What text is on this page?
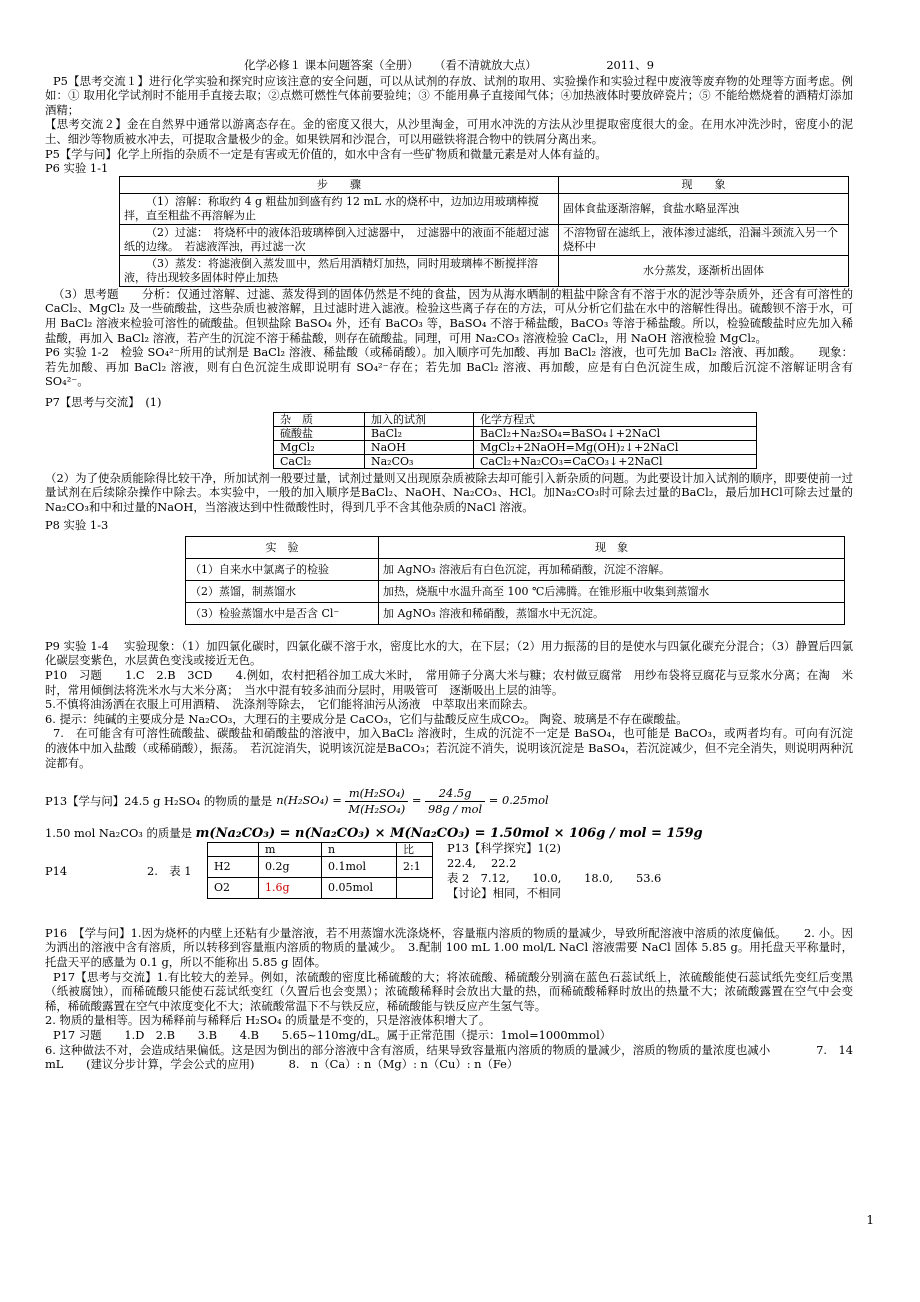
化学必修１ 课本问题答案（全册） （看不清就放大点）	2011、9

P5【思考交流１】进行化学实验和探究时应该注意的安全问题，可以从试剂的存放、试剂的取用、实验操作和实验过程中废液等废弃物的处理等方面考虑。例如：① 取用化学试剂时不能用手直接去取；②点燃可燃性气体前要验纯；③ 不能用鼻子直接闻气体；④加热液体时要放碎瓷片；⑤ 不能给燃烧着的酒精灯添加酒精；

【思考交流２】金在自然界中通常以游离态存在。金的密度又很大，从沙里淘金，可用水冲洗的方法从沙里提取密度很大的金。在用水冲洗沙时，密度小的泥土、细沙等物质被水冲去，可提取含量极少的金。如果铁屑和沙混合，可以用磁铁将混合物中的铁屑分离出来。

P5【学与问】化学上所指的杂质不一定是有害或无价值的，如水中含有一些矿物质和微量元素是对人体有益的。

P6 实验 1-1

步　　骤	现　　象
（1）溶解：称取约 4 g 粗盐加到盛有约 12 mL 水的烧杯中，边加边用玻璃棒搅拌，直至粗盐不再溶解为止	固体食盐逐渐溶解，食盐水略显浑浊
（2）过滤：　将烧杯中的液体沿玻璃棒倒入过滤器中，　过滤器中的液面不能超过滤纸的边缘。　若滤液浑浊，再过滤一次	不溶物留在滤纸上，液体渗过滤纸，沿漏斗颈流入另一个烧杯中
（3）蒸发：将滤液倒入蒸发皿中，然后用酒精灯加热，同时用玻璃棒不断搅拌溶液，待出现较多固体时停止加热	水分蒸发，逐渐析出固体

（3）思考题　　分析：仅通过溶解、过滤、蒸发得到的固体仍然是不纯的食盐，因为从海水晒制的粗盐中除含有不溶于水的泥沙等杂质外，还含有可溶性的 CaCl₂、MgCl₂ 及一些硫酸盐，这些杂质也被溶解，且过滤时进入滤液。检验这些离子存在的方法，可从分析它们盐在水中的溶解性得出。硫酸钡不溶于水，可用 BaCl₂ 溶液来检验可溶性的硫酸盐。但钡盐除 BaSO₄ 外，还有 BaCO₃ 等，BaSO₄ 不溶于稀盐酸，BaCO₃ 等溶于稀盐酸。所以，检验硫酸盐时应先加入稀盐酸，再加入 BaCl₂ 溶液，若产生的沉淀不溶于稀盐酸，则存在硫酸盐。同理，可用 Na₂CO₃ 溶液检验 CaCl₂，用 NaOH 溶液检验 MgCl₂。

P6 实验 1-2　检验 SO₄²⁻所用的试剂是 BaCl₂ 溶液、稀盐酸（或稀硝酸）。加入顺序可先加酸、再加 BaCl₂ 溶液，也可先加 BaCl₂ 溶液、再加酸。　　现象：若先加酸、再加 BaCl₂ 溶液，则有白色沉淀生成即说明有 SO₄²⁻存在；若先加 BaCl₂ 溶液、再加酸，应是有白色沉淀生成，加酸后沉淀不溶解证明含有 SO₄²⁻。

P7【思考与交流】　(1)

杂　质	加入的试剂	化学方程式
硫酸盐	BaCl₂	BaCl₂+Na₂SO₄=BaSO₄↓+2NaCl
MgCl₂	NaOH	MgCl₂+2NaOH=Mg(OH)₂↓+2NaCl
CaCl₂	Na₂CO₃	CaCl₂+Na₂CO₃=CaCO₃↓+2NaCl

（2）为了使杂质能除得比较干净，所加试剂一般要过量，试剂过量则又出现原杂质被除去却可能引入新杂质的问题。为此要设计加入试剂的顺序，即要使前一过量试剂在后续除杂操作中除去。本实验中，一般的加入顺序是BaCl₂、NaOH、Na₂CO₃、HCl。加Na₂CO₃时可除去过量的BaCl₂，最后加HCl可除去过量的Na₂CO₃和中和过量的NaOH，当溶液达到中性微酸性时，得到几乎不含其他杂质的NaCl 溶液。

P8 实验 1-3

实　验	现　象
（1）自来水中氯离子的检验	加 AgNO₃ 溶液后有白色沉淀，再加稀硝酸，沉淀不溶解。
（2）蒸馏，制蒸馏水	加热，烧瓶中水温升高至 100 ℃后沸腾。在锥形瓶中收集到蒸馏水
（3）检验蒸馏水中是否含 Cl⁻	加 AgNO₃ 溶液和稀硝酸，蒸馏水中无沉淀。

P9 实验 1-4　 实验现象：（1）加四氯化碳时，四氯化碳不溶于水，密度比水的大，在下层；（2）用力振荡的目的是使水与四氯化碳充分混合；（3）静置后四氯化碳层变紫色，水层黄色变浅或接近无色。

P10　习题　　1.C　2.B　3CD　　4.例如，农村把稻谷加工成大米时，　常用筛子分离大米与糠；农村做豆腐常　用纱布袋将豆腐花与豆浆水分离；在淘　米时，常用倾倒法将洗米水与大米分离；　当水中混有较多油而分层时，用吸管可　逐渐吸出上层的油等。

5.不慎将油汤洒在衣服上可用酒精、　洗涤剂等除去，　它们能将油污从汤液　中萃取出来而除去。

6. 提示：纯碱的主要成分是 Na₂CO₃，大理石的主要成分是 CaCO₃，它们与盐酸反应生成CO₂。 陶瓷、玻璃是不存在碳酸盐。

7.　在可能含有可溶性硫酸盐、碳酸盐和硝酸盐的溶液中，加入BaCl₂ 溶液时，生成的沉淀不一定是 BaSO₄，也可能是 BaCO₃，或两者均有。可向有沉淀　的液体中加入盐酸（或稀硝酸），振荡。　若沉淀消失，说明该沉淀是BaCO₃；若沉淀不消失，说明该沉淀是 BaSO₄，若沉淀减少，但不完全消失，则说明两种沉淀都有。

P13【学与问】24.5 g H₂SO₄ 的物质的量是 $n(H_2SO_4) = \frac{\text{m(H₂SO₄)}}{\text{M(H₂SO₄)}} = \frac{24.5g}{\text{98g / mol}} = 0.25mol$
1.50 mol Na₂CO₃ 的质量是 m(Na₂CO₃) = n(Na₂CO₃) × M(Na₂CO₃) = 1.50mol × 106g / mol = 159g
P14	2.　表 1
	m	n	比
H2	0.2g	0.1mol	2:1
O2	1.6g	0.05mol	
P13【科学探究】1(2)
22.4,　 22.2
表 2　7.12,　　10.0,　　18.0,　　53.6
【讨论】相同，不相同

P16　【学与问】1.因为烧杯的内壁上还粘有少量溶液，若不用蒸馏水洗涤烧杯，容量瓶内溶质的物质的量减少，导致所配溶液中溶质的浓度偏低。　　2. 小。因为洒出的溶液中含有溶质，所以转移到容量瓶内溶质的物质的量减少。　3.配制 100 mL 1.00 mol/L NaCl 溶液需要 NaCl 固体 5.85 g。用托盘天平称量时，托盘天平的感量为 0.1 g，所以不能称出 5.85 g 固体。

P17【思考与交流】1.有比较大的差异。例如，浓硫酸的密度比稀硫酸的大；将浓硫酸、稀硫酸分别滴在蓝色石蕊试纸上，浓硫酸能使石蕊试纸先变红后变黑（纸被腐蚀），而稀硫酸只能使石蕊试纸变红（久置后也会变黑）；浓硫酸稀释时会放出大量的热，而稀硫酸稀释时放出的热量不大；浓硫酸露置在空气中会变稀，稀硫酸露置在空气中浓度变化不大；浓硫酸常温下不与铁反应，稀硫酸能与铁反应产生氢气等。

2. 物质的量相等。因为稀释前与稀释后 H₂SO₄ 的质量是不变的，只是溶液体积增大了。

P17 习题　　1.D　2.B　　3.B　　4.B　　5.65~110mg/dL。属于正常范围（提示：1mol=1000mmol）

6. 这种做法不对，会造成结果偏低。这是因为倒出的部分溶液中含有溶质，结果导致容量瓶内溶质的物质的量减少，溶质的物质的量浓度也减小　　　　7.　14　mL　　(建议分步计算，学会公式的应用)　　　8.　n（Ca）: n（Mg）: n（Cu）: n（Fe）

1
